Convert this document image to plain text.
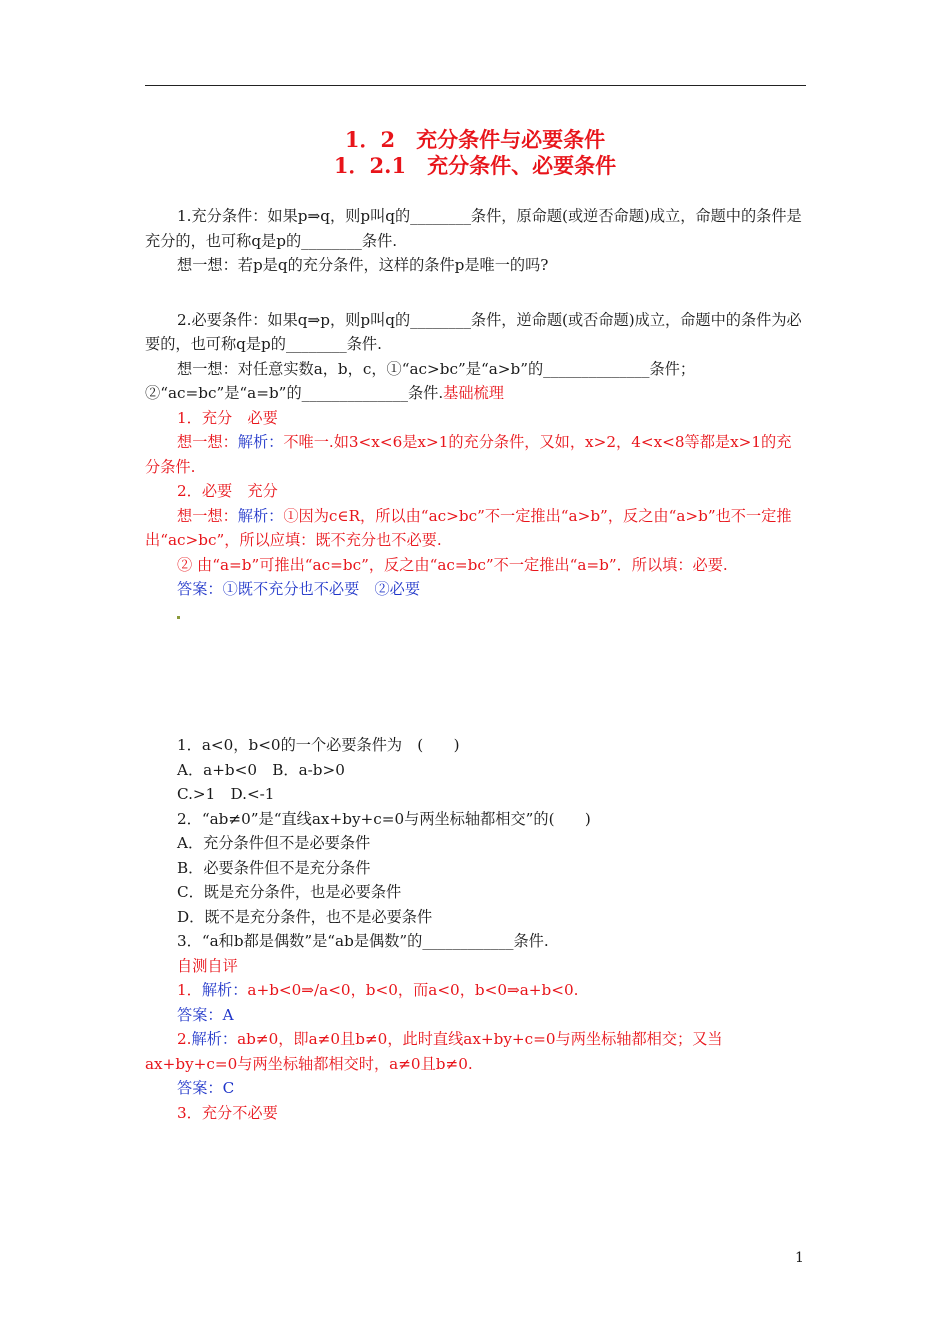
1．2　充分条件与必要条件
1．2.1　充分条件、必要条件

1.充分条件：如果p⇒q，则p叫q的________条件，原命题(或逆否命题)成立，命题中的条件是充分的，也可称q是p的________条件.

想一想：若p是q的充分条件，这样的条件p是唯一的吗?

2.必要条件：如果q⇒p，则p叫q的________条件，逆命题(或否命题)成立，命题中的条件为必要的，也可称q是p的________条件.

想一想：对任意实数a，b，c，①“ac>bc”是“a>b”的______________条件；②“ac=bc”是“a=b”的______________条件.基础梳理

1．充分　必要

想一想：解析：不唯一.如3<x<6是x>1的充分条件，又如，x>2，4<x<8等都是x>1的充分条件.

2．必要　充分

想一想：解析：①因为c∈R，所以由“ac>bc”不一定推出“a>b”，反之由“a>b”也不一定推出“ac>bc”，所以应填：既不充分也不必要.

② 由“a=b”可推出“ac=bc”，反之由“ac=bc”不一定推出“a=b”．所以填：必要.

答案：①既不充分也不必要　②必要

1．a<0，b<0的一个必要条件为　(　　)

A．a+b<0　B．a-b>0

C.>1　D.<-1

2．“ab≠0”是“直线ax+by+c=0与两坐标轴都相交”的(　　)

A．充分条件但不是必要条件

B．必要条件但不是充分条件

C．既是充分条件，也是必要条件

D．既不是充分条件，也不是必要条件

3．“a和b都是偶数”是“ab是偶数”的____________条件.

自测自评

1．解析：a+b<0⇒/a<0，b<0，而a<0，b<0⇒a+b<0.

答案：A

2.解析：ab≠0，即a≠0且b≠0，此时直线ax+by+c=0与两坐标轴都相交；又当ax+by+c=0与两坐标轴都相交时，a≠0且b≠0.

答案：C

3．充分不必要

1
